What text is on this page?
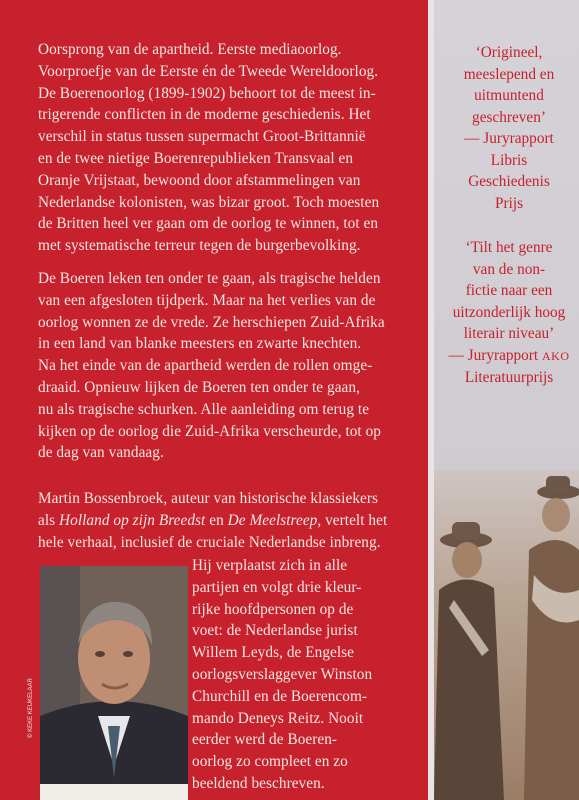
© KEKE KEUKELAAR
Oorsprong van de apartheid. Eerste mediaoorlog.
Voorproefje van de Eerste én de Tweede Wereldoorlog.
De Boerenoorlog (1899-1902) behoort tot de meest in-
trigerende conflicten in de moderne geschiedenis. Het
verschil in status tussen supermacht Groot-Brittannië
en de twee nietige Boerenrepublieken Transvaal en
Oranje Vrijstaat, bewoond door afstammelingen van
Nederlandse kolonisten, was bizar groot. Toch moesten
de Britten heel ver gaan om de oorlog te winnen, tot en
met systematische terreur tegen de burgerbevolking.
De Boeren leken ten onder te gaan, als tragische helden
van een afgesloten tijdperk. Maar na het verlies van de
oorlog wonnen ze de vrede. Ze herschiepen Zuid-Afrika
in een land van blanke meesters en zwarte knechten.
Na het einde van de apartheid werden de rollen omge-
draaid. Opnieuw lijken de Boeren ten onder te gaan,
nu als tragische schurken. Alle aanleiding om terug te
kijken op de oorlog die Zuid-Afrika verscheurde, tot op
de dag van vandaag.
Martin Bossenbroek, auteur van historische klassiekers
als Holland op zijn Breedst en De Meelstreep, vertelt het
hele verhaal, inclusief de cruciale Nederlandse inbreng.
Hij verplaatst zich in alle
partijen en volgt drie kleur-
rijke hoofdpersonen op de
voet: de Nederlandse jurist
Willem Leyds, de Engelse
oorlogsverslaggever Winston
Churchill en de Boerencom-
mando Deneys Reitz. Nooit
eerder werd de Boeren-
oorlog zo compleet en zo
beeldend beschreven.
‘Origineel,
meeslepend en
uitmuntend
geschreven’
— Juryrapport
Libris
Geschiedenis
Prijs
‘Tilt het genre
van de non-
fictie naar een
uitzonderlijk hoog
literair niveau’
— Juryrapport AKO
Literatuurprijs
